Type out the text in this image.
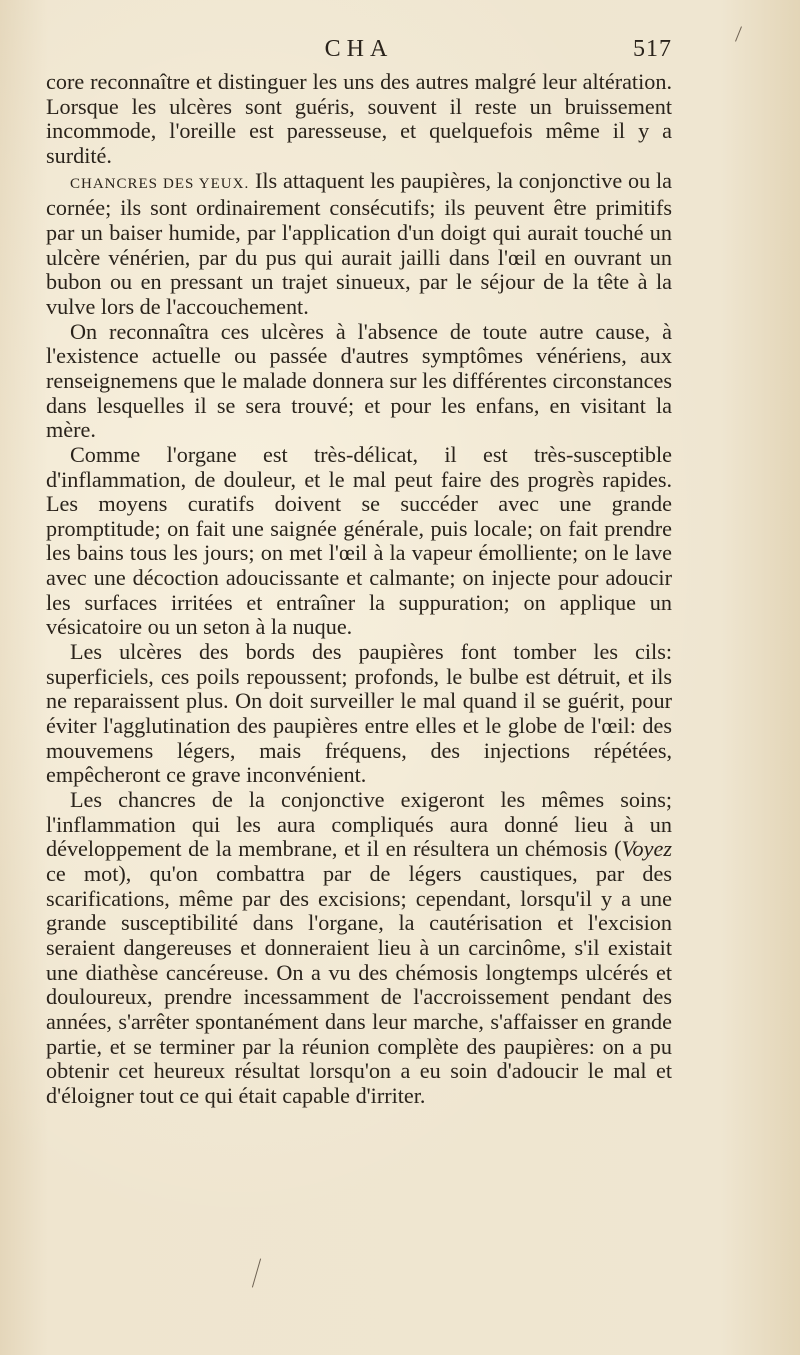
CHA	517

core reconnaître et distinguer les uns des autres malgré leur altération. Lorsque les ulcères sont guéris, souvent il reste un bruissement incommode, l'oreille est paresseuse, et quelquefois même il y a surdité.

CHANCRES DES YEUX. Ils attaquent les paupières, la conjonctive ou la cornée; ils sont ordinairement consécutifs; ils peuvent être primitifs par un baiser humide, par l'application d'un doigt qui aurait touché un ulcère vénérien, par du pus qui aurait jailli dans l'œil en ouvrant un bubon ou en pressant un trajet sinueux, par le séjour de la tête à la vulve lors de l'accouchement.

On reconnaîtra ces ulcères à l'absence de toute autre cause, à l'existence actuelle ou passée d'autres symptômes vénériens, aux renseignemens que le malade donnera sur les différentes circonstances dans lesquelles il se sera trouvé; et pour les enfans, en visitant la mère.

Comme l'organe est très-délicat, il est très-susceptible d'inflammation, de douleur, et le mal peut faire des progrès rapides. Les moyens curatifs doivent se succéder avec une grande promptitude; on fait une saignée générale, puis locale; on fait prendre les bains tous les jours; on met l'œil à la vapeur émolliente; on le lave avec une décoction adoucissante et calmante; on injecte pour adoucir les surfaces irritées et entraîner la suppuration; on applique un vésicatoire ou un seton à la nuque.

Les ulcères des bords des paupières font tomber les cils: superficiels, ces poils repoussent; profonds, le bulbe est détruit, et ils ne reparaissent plus. On doit surveiller le mal quand il se guérit, pour éviter l'agglutination des paupières entre elles et le globe de l'œil: des mouvemens légers, mais fréquens, des injections répétées, empêcheront ce grave inconvénient.

Les chancres de la conjonctive exigeront les mêmes soins; l'inflammation qui les aura compliqués aura donné lieu à un développement de la membrane, et il en résultera un chémosis (Voyez ce mot), qu'on combattra par de légers caustiques, par des scarifications, même par des excisions; cependant, lorsqu'il y a une grande susceptibilité dans l'organe, la cautérisation et l'excision seraient dangereuses et donneraient lieu à un carcinôme, s'il existait une diathèse cancéreuse. On a vu des chémosis longtemps ulcérés et douloureux, prendre incessamment de l'accroissement pendant des années, s'arrêter spontanément dans leur marche, s'affaisser en grande partie, et se terminer par la réunion complète des paupières: on a pu obtenir cet heureux résultat lorsqu'on a eu soin d'adoucir le mal et d'éloigner tout ce qui était capable d'irriter.
